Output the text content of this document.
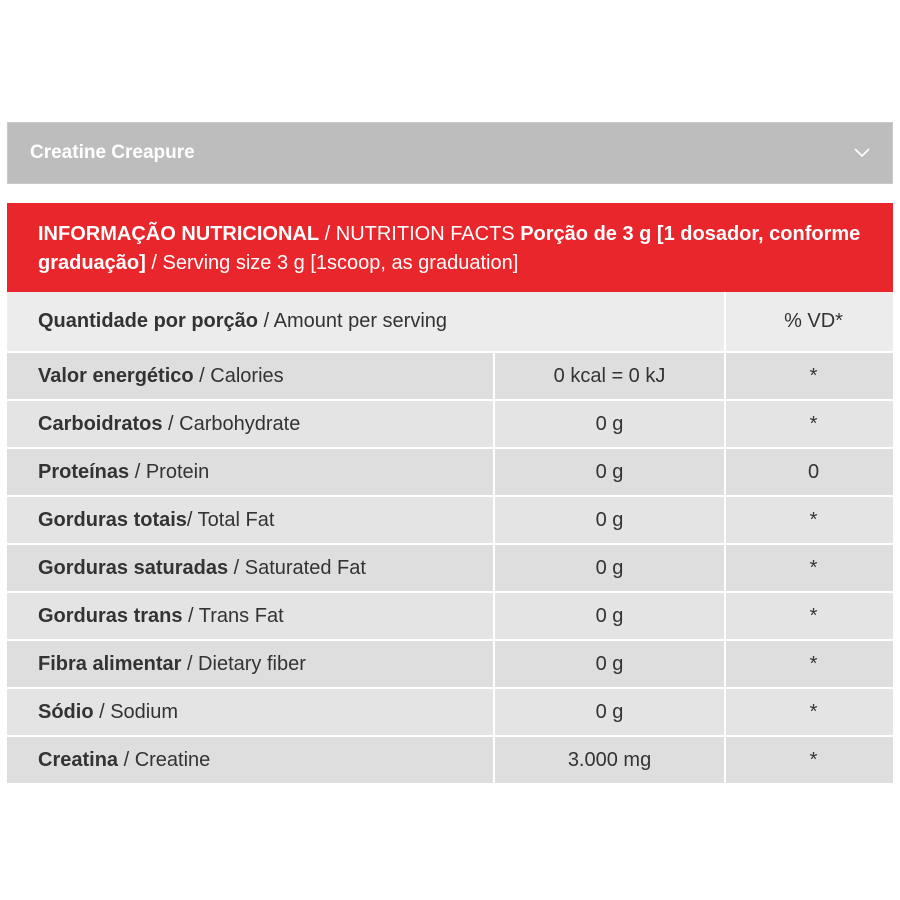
Creatine Creapure
INFORMAÇÃO NUTRICIONAL / NUTRITION FACTS Porção de 3 g [1 dosador, conforme graduação] / Serving size 3 g [1scoop, as graduation]
Quantidade por porção / Amount per serving		% VD*
Valor energético / Calories	0 kcal = 0 kJ	*
Carboidratos / Carbohydrate	0 g	*
Proteínas / Protein	0 g	0
Gorduras totais/ Total Fat	0 g	*
Gorduras saturadas / Saturated Fat	0 g	*
Gorduras trans / Trans Fat	0 g	*
Fibra alimentar / Dietary fiber	0 g	*
Sódio / Sodium	0 g	*
Creatina / Creatine	3.000 mg	*
